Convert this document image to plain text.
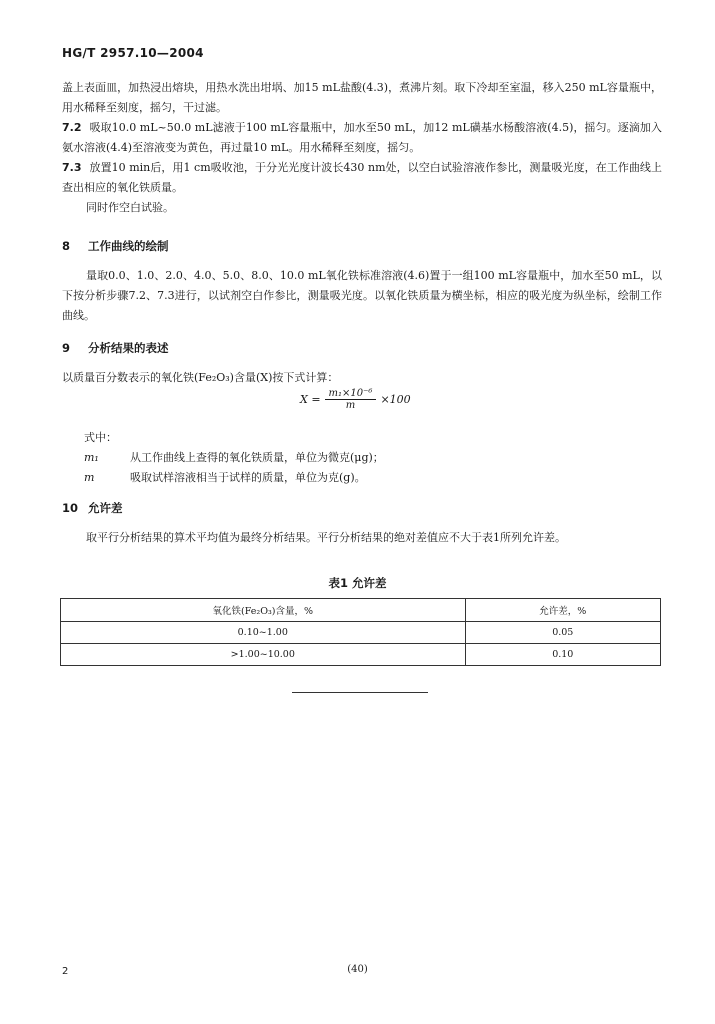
HG/T 2957.10—2004

盖上表面皿，加热浸出熔块，用热水洗出坩埚、加15 mL盐酸(4.3)，煮沸片刻。取下冷却至室温，移入250 mL容量瓶中，用水稀释至刻度，摇匀，干过滤。

7.2 吸取10.0 mL~50.0 mL滤液于100 mL容量瓶中，加水至50 mL，加12 mL磺基水杨酸溶液(4.5)，摇匀。逐滴加入氨水溶液(4.4)至溶液变为黄色，再过量10 mL。用水稀释至刻度，摇匀。

7.3 放置10 min后，用1 cm吸收池，于分光光度计波长430 nm处，以空白试验溶液作参比，测量吸光度，在工作曲线上查出相应的氧化铁质量。

同时作空白试验。

8 工作曲线的绘制

量取0.0、1.0、2.0、4.0、5.0、8.0、10.0 mL氧化铁标准溶液(4.6)置于一组100 mL容量瓶中，加水至50 mL，以下按分析步骤7.2、7.3进行，以试剂空白作参比，测量吸光度。以氧化铁质量为横坐标，相应的吸光度为纵坐标，绘制工作曲线。

9 分析结果的表述

以质量百分数表示的氧化铁(Fe₂O₃)含量(X)按下式计算：

$X = \frac{\text{m₁×10⁻⁶}}{m} \times 100$
式中：
m₁	从工作曲线上查得的氧化铁质量，单位为微克(μg)；
m	吸取试样溶液相当于试样的质量，单位为克(g)。
10 允许差

取平行分析结果的算术平均值为最终分析结果。平行分析结果的绝对差值应不大于表1所列允许差。

表1 允许差
氧化铁(Fe₂O₃)含量，%	允许差，%
0.10~1.00	0.05
>1.00~10.00	0.10
2	(40)
